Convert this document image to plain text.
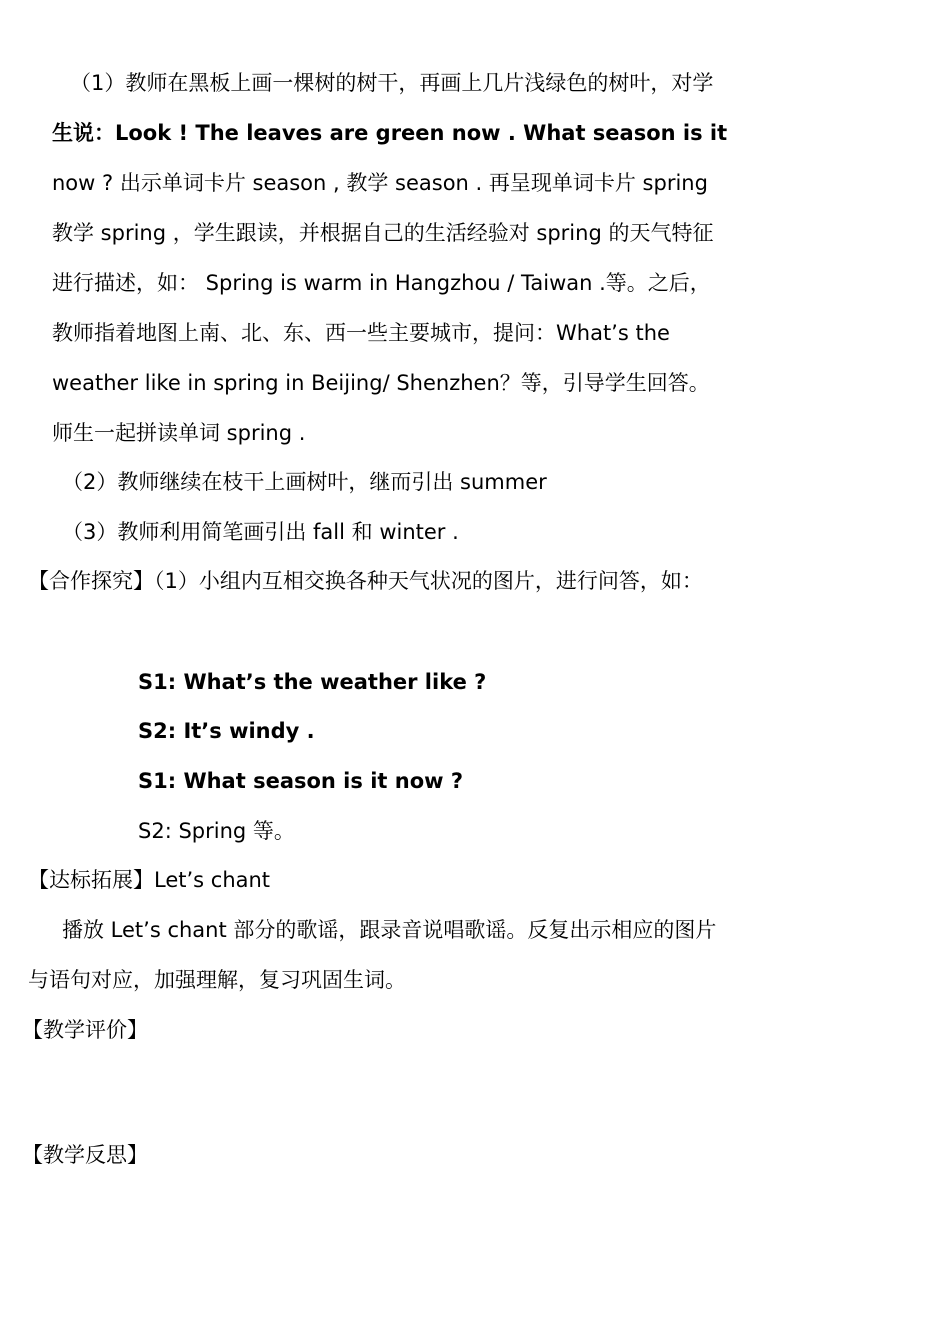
（1）教师在黑板上画一棵树的树干，再画上几片浅绿色的树叶，对学
生说：Look ! The leaves are green now . What season is it
now ? 出示单词卡片 season , 教学 season . 再呈现单词卡片 spring
教学 spring ，学生跟读，并根据自己的生活经验对 spring 的天气特征
进行描述，如： Spring is warm in Hangzhou / Taiwan .等。之后，
教师指着地图上南、北、东、西一些主要城市，提问：What’s the
weather like in spring in Beijing/ Shenzhen？等，引导学生回答。
师生一起拼读单词 spring .
（2）教师继续在枝干上画树叶，继而引出 summer
（3）教师利用简笔画引出 fall 和 winter .
【合作探究】（1）小组内互相交换各种天气状况的图片，进行问答，如：
S1: What’s the weather like ?
S2: It’s windy .
S1: What season is it now ?
S2: Spring 等。
【达标拓展】Let’s chant
播放 Let’s chant 部分的歌谣，跟录音说唱歌谣。反复出示相应的图片
与语句对应，加强理解，复习巩固生词。
【教学评价】
【教学反思】
